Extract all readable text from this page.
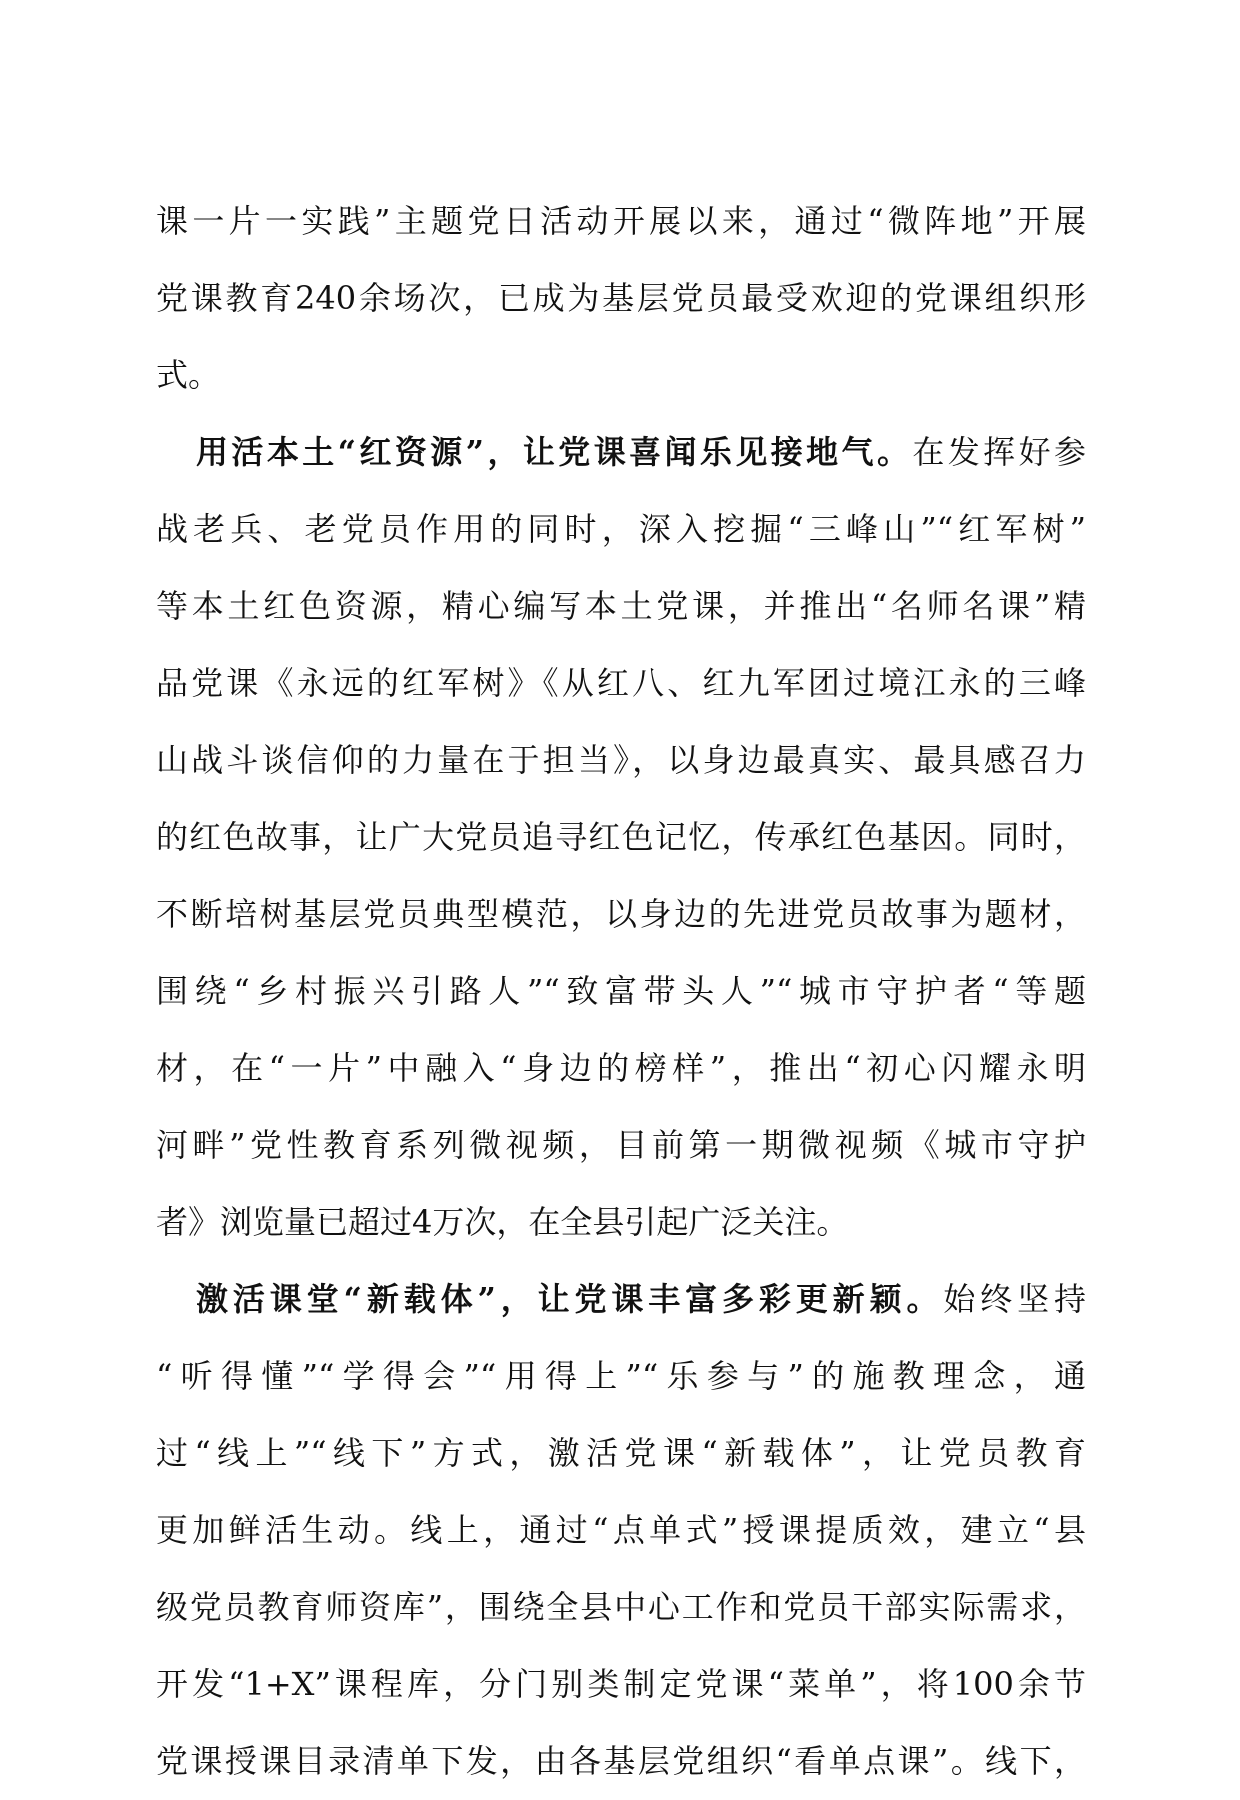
课一片一实践”主题党日活动开展以来，通过“微阵地”开展
党课教育240余场次，已成为基层党员最受欢迎的党课组织形
式。
用活本土“红资源”，让党课喜闻乐见接地气。在发挥好参
战老兵、老党员作用的同时，深入挖掘“三峰山”“红军树”
等本土红色资源，精心编写本土党课，并推出“名师名课”精
品党课《永远的红军树》《从红八、红九军团过境江永的三峰
山战斗谈信仰的力量在于担当》，以身边最真实、最具感召力
的红色故事，让广大党员追寻红色记忆，传承红色基因。同时，
不断培树基层党员典型模范，以身边的先进党员故事为题材，
围绕“乡村振兴引路人”“致富带头人”“城市守护者“等题
材，在“一片”中融入“身边的榜样”，推出“初心闪耀永明
河畔”党性教育系列微视频，目前第一期微视频《城市守护
者》浏览量已超过4万次，在全县引起广泛关注。
激活课堂“新载体”，让党课丰富多彩更新颖。始终坚持
“听得懂”“学得会”“用得上”“乐参与”的施教理念，通
过“线上”“线下”方式，激活党课“新载体”，让党员教育
更加鲜活生动。线上，通过“点单式”授课提质效，建立“县
级党员教育师资库”，围绕全县中心工作和党员干部实际需求，
开发“1+X”课程库，分门别类制定党课“菜单”，将100余节
党课授课目录清单下发，由各基层党组织“看单点课”。线下，
